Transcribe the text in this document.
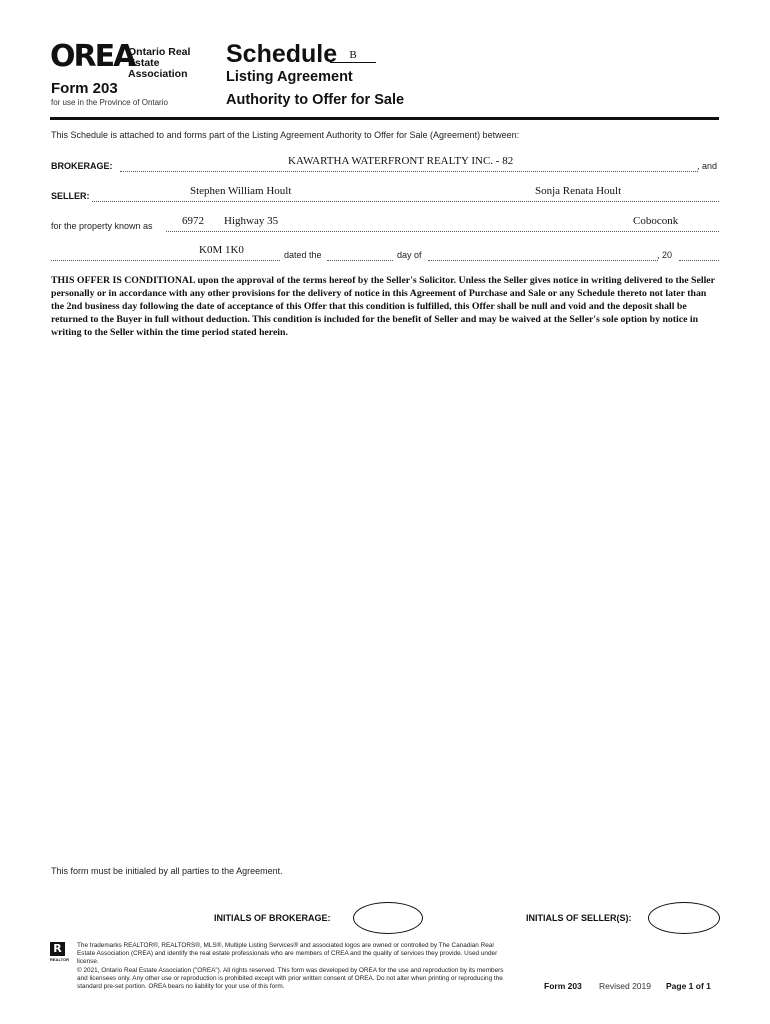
OREA
Ontario Real Estate
Association
Form 203
for use in the Province of Ontario
Schedule	B
Listing Agreement
Authority to Offer for Sale
This Schedule is attached to and forms part of the Listing Agreement Authority to Offer for Sale (Agreement) between:
BROKERAGE:	KAWARTHA WATERFRONT REALTY INC. - 82	, and
SELLER:	Stephen William Hoult	Sonja Renata Hoult
for the property known as	6972 Highway 35	Coboconk
K0M 1K0	dated the	day of	, 20
THIS OFFER IS CONDITIONAL upon the approval of the terms hereof by the Seller's Solicitor. Unless the Seller gives notice in writing delivered to the Seller personally or in accordance with any other provisions for the delivery of notice in this Agreement of Purchase and Sale or any Schedule thereto not later than the 2nd business day following the date of acceptance of this Offer that this condition is fulfilled, this Offer shall be null and void and the deposit shall be returned to the Buyer in full without deduction. This condition is included for the benefit of Seller and may be waived at the Seller's sole option by notice in writing to the Seller within the time period stated herein.
This form must be initialed by all parties to the Agreement.
INITIALS OF BROKERAGE:	INITIALS OF SELLER(S):
R
REALTOR
The trademarks REALTOR®, REALTORS®, MLS®, Multiple Listing Services® and associated logos are owned or controlled by The Canadian Real Estate Association (CREA) and identify the real estate professionals who are members of CREA and the quality of services they provide. Used under license.
© 2021, Ontario Real Estate Association ("OREA"). All rights reserved. This form was developed by OREA for the use and reproduction by its members and licensees only. Any other use or reproduction is prohibited except with prior written consent of OREA. Do not alter when printing or reproducing the standard pre-set portion. OREA bears no liability for your use of this form.	Form 203 Revised 2019 Page 1 of 1
